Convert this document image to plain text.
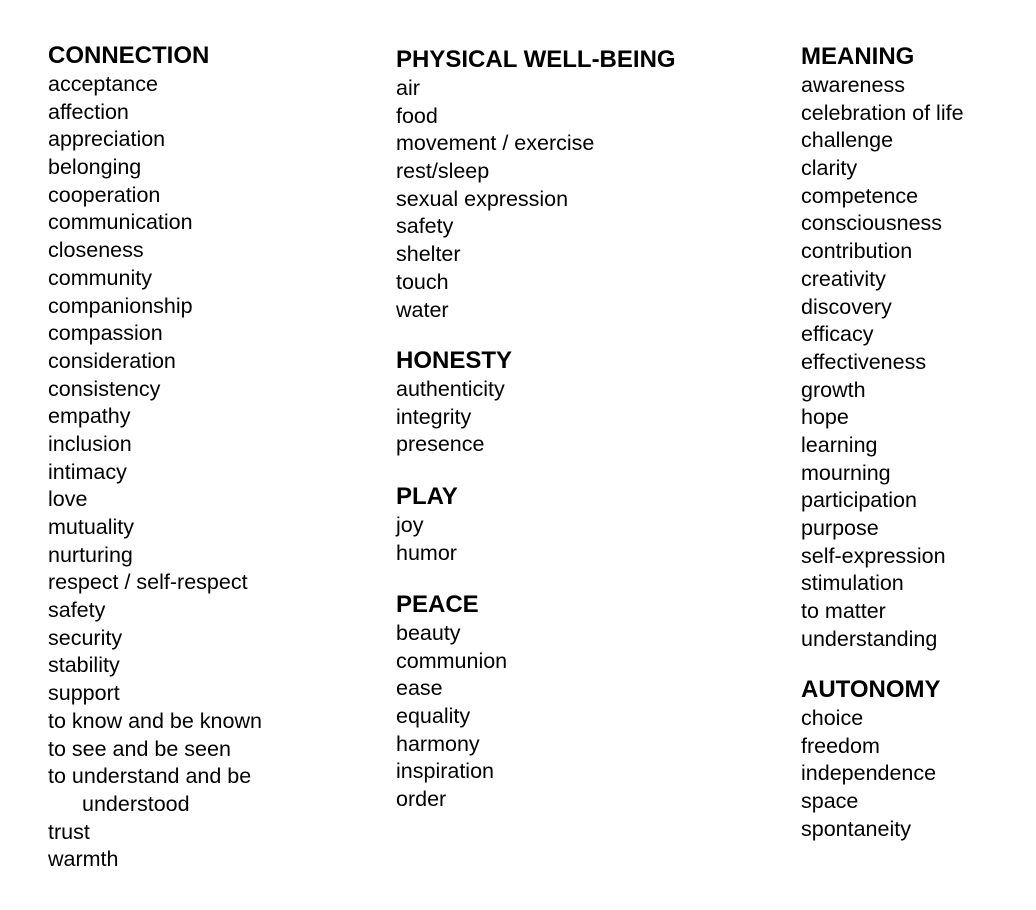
CONNECTION
acceptance
affection
appreciation
belonging
cooperation
communication
closeness
community
companionship
compassion
consideration
consistency
empathy
inclusion
intimacy
love
mutuality
nurturing
respect / self-respect
safety
security
stability
support
to know and be known
to see and be seen
to understand and be
understood
trust
warmth
PHYSICAL WELL-BEING
air
food
movement / exercise
rest/sleep
sexual expression
safety
shelter
touch
water
HONESTY
authenticity
integrity
presence
PLAY
joy
humor
PEACE
beauty
communion
ease
equality
harmony
inspiration
order
MEANING
awareness
celebration of life
challenge
clarity
competence
consciousness
contribution
creativity
discovery
efficacy
effectiveness
growth
hope
learning
mourning
participation
purpose
self-expression
stimulation
to matter
understanding
AUTONOMY
choice
freedom
independence
space
spontaneity
